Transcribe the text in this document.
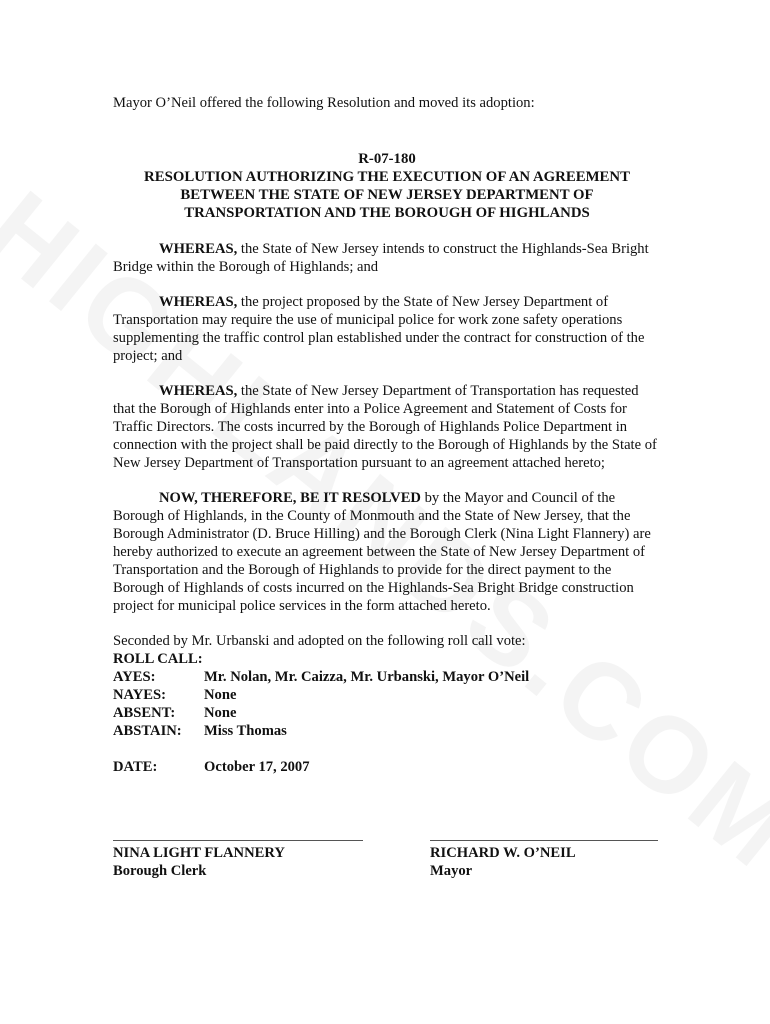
Mayor O’Neil offered the following Resolution and moved its adoption:
R-07-180
RESOLUTION AUTHORIZING THE EXECUTION OF AN AGREEMENT
BETWEEN THE STATE OF NEW JERSEY DEPARTMENT OF
TRANSPORTATION AND THE BOROUGH OF HIGHLANDS

WHEREAS, the State of New Jersey intends to construct the Highlands-Sea Bright Bridge within the Borough of Highlands; and

WHEREAS, the project proposed by the State of New Jersey Department of Transportation may require the use of municipal police for work zone safety operations supplementing the traffic control plan established under the contract for construction of the project; and

WHEREAS, the State of New Jersey Department of Transportation has requested that the Borough of Highlands enter into a Police Agreement and Statement of Costs for Traffic Directors. The costs incurred by the Borough of Highlands Police Department in connection with the project shall be paid directly to the Borough of Highlands by the State of New Jersey Department of Transportation pursuant to an agreement attached hereto;

NOW, THEREFORE, BE IT RESOLVED by the Mayor and Council of the Borough of Highlands, in the County of Monmouth and the State of New Jersey, that the Borough Administrator (D. Bruce Hilling) and the Borough Clerk (Nina Light Flannery) are hereby authorized to execute an agreement between the State of New Jersey Department of Transportation and the Borough of Highlands to provide for the direct payment to the Borough of Highlands of costs incurred on the Highlands-Sea Bright Bridge construction project for municipal police services in the form attached hereto.

Seconded by Mr. Urbanski and adopted on the following roll call vote:
ROLL CALL:
AYES:	Mr. Nolan, Mr. Caizza, Mr. Urbanski, Mayor O’Neil
NAYES:	None
ABSENT:	None
ABSTAIN:	Miss Thomas
DATE:	October 17, 2007
NINA LIGHT FLANNERY
Borough Clerk
RICHARD W. O’NEIL
Mayor
